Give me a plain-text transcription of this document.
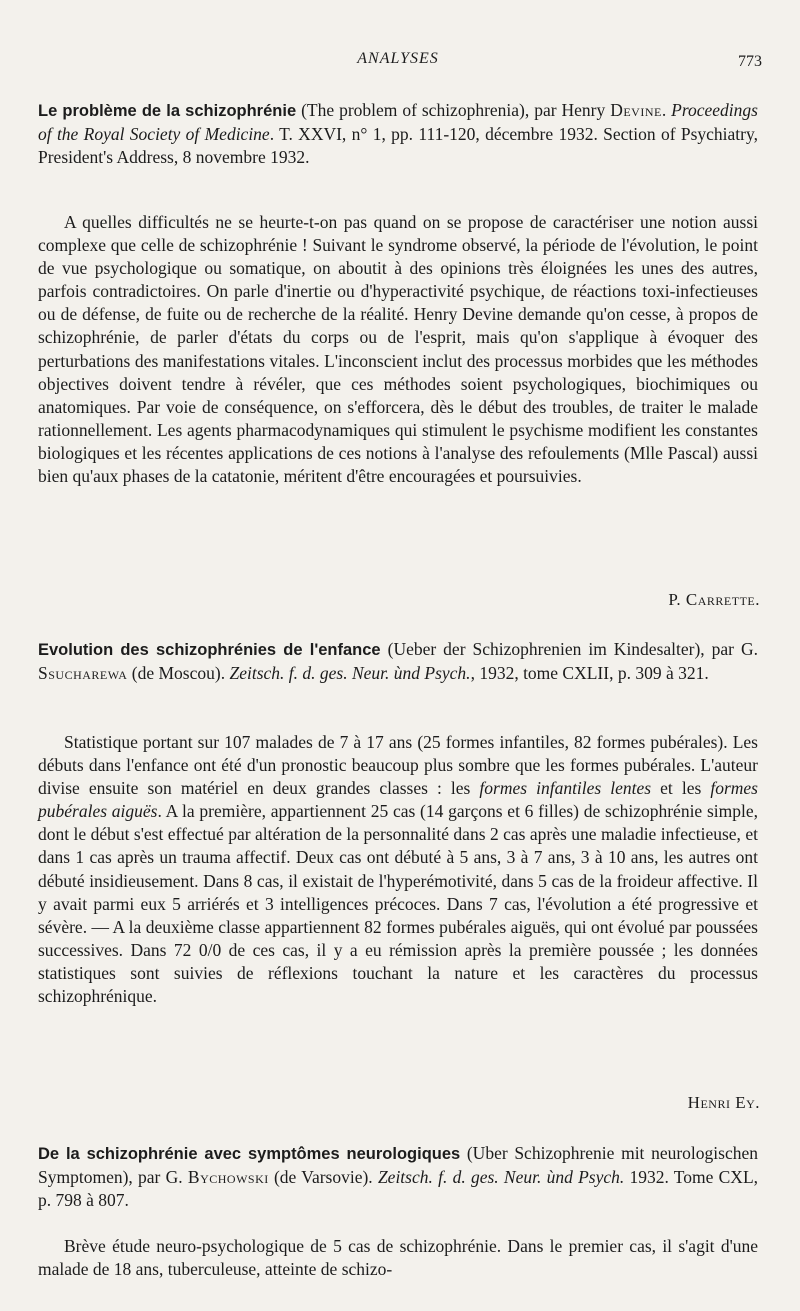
ANALYSES	773
Le problème de la schizophrénie (The problem of schizophrenia), par Henry Devine. Proceedings of the Royal Society of Medicine. T. XXVI, n° 1, pp. 111-120, décembre 1932. Section of Psychiatry, President's Address, 8 novembre 1932.
A quelles difficultés ne se heurte-t-on pas quand on se propose de caractériser une notion aussi complexe que celle de schizophrénie ! Suivant le syndrome observé, la période de l'évolution, le point de vue psychologique ou somatique, on aboutit à des opinions très éloignées les unes des autres, parfois contradictoires. On parle d'inertie ou d'hyperactivité psychique, de réactions toxi-infectieuses ou de défense, de fuite ou de recherche de la réalité. Henry Devine demande qu'on cesse, à propos de schizophrénie, de parler d'états du corps ou de l'esprit, mais qu'on s'applique à évoquer des perturbations des manifestations vitales. L'inconscient inclut des processus morbides que les méthodes objectives doivent tendre à révéler, que ces méthodes soient psychologiques, biochimiques ou anatomiques. Par voie de conséquence, on s'efforcera, dès le début des troubles, de traiter le malade rationnellement. Les agents pharmacodynamiques qui stimulent le psychisme modifient les constantes biologiques et les récentes applications de ces notions à l'analyse des refoulements (Mlle Pascal) aussi bien qu'aux phases de la catatonie, méritent d'être encouragées et poursuivies.
P. Carrette.
Evolution des schizophrénies de l'enfance (Ueber der Schizophrenien im Kindesalter), par G. Ssucharewa (de Moscou). Zeitsch. f. d. ges. Neur. ùnd Psych., 1932, tome CXLII, p. 309 à 321.
Statistique portant sur 107 malades de 7 à 17 ans (25 formes infantiles, 82 formes pubérales). Les débuts dans l'enfance ont été d'un pronostic beaucoup plus sombre que les formes pubérales. L'auteur divise ensuite son matériel en deux grandes classes : les formes infantiles lentes et les formes pubérales aiguës. A la première, appartiennent 25 cas (14 garçons et 6 filles) de schizophrénie simple, dont le début s'est effectué par altération de la personnalité dans 2 cas après une maladie infectieuse, et dans 1 cas après un trauma affectif. Deux cas ont débuté à 5 ans, 3 à 7 ans, 3 à 10 ans, les autres ont débuté insidieusement. Dans 8 cas, il existait de l'hyperémotivité, dans 5 cas de la froideur affective. Il y avait parmi eux 5 arriérés et 3 intelligences précoces. Dans 7 cas, l'évolution a été progressive et sévère. — A la deuxième classe appartiennent 82 formes pubérales aiguës, qui ont évolué par poussées successives. Dans 72 0/0 de ces cas, il y a eu rémission après la première poussée ; les données statistiques sont suivies de réflexions touchant la nature et les caractères du processus schizophrénique.
Henri Ey.
De la schizophrénie avec symptômes neurologiques (Uber Schizophrenie mit neurologischen Symptomen), par G. Bychowski (de Varsovie). Zeitsch. f. d. ges. Neur. ùnd Psych. 1932. Tome CXL, p. 798 à 807.
Brève étude neuro-psychologique de 5 cas de schizophrénie. Dans le premier cas, il s'agit d'une malade de 18 ans, tuberculeuse, atteinte de schizo-
